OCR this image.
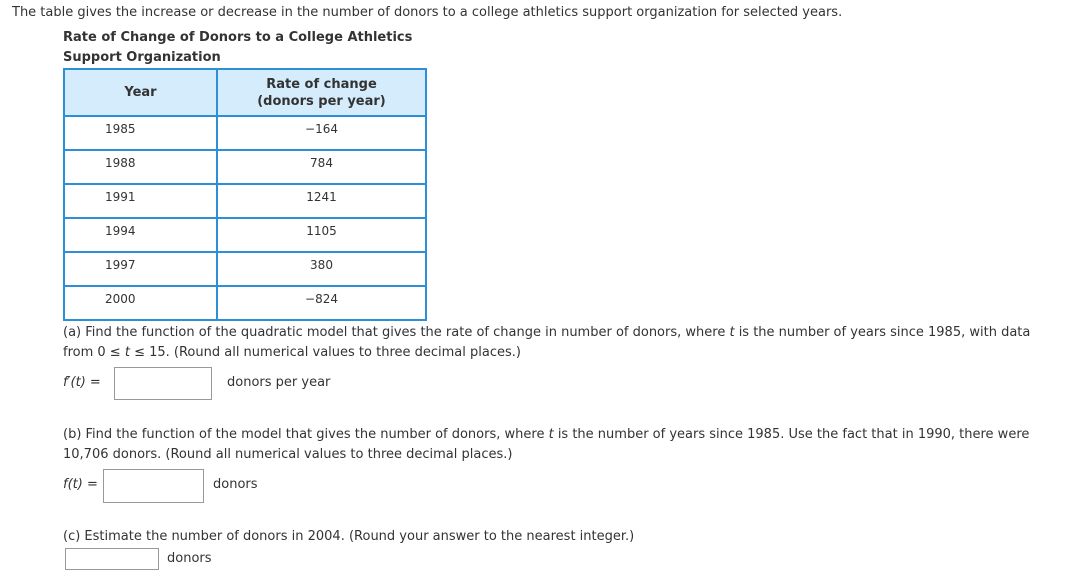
The table gives the increase or decrease in the number of donors to a college athletics support organization for selected years.
Rate of Change of Donors to a College Athletics
Support Organization
Year	Rate of change
(donors per year)
1985	−164
1988	784
1991	1241
1994	1105
1997	380
2000	−824
(a) Find the function of the quadratic model that gives the rate of change in number of donors, where t is the number of years since 1985, with data
from 0 ≤ t ≤ 15. (Round all numerical values to three decimal places.)
f′(t) =	donors per year
(b) Find the function of the model that gives the number of donors, where t is the number of years since 1985. Use the fact that in 1990, there were
10,706 donors. (Round all numerical values to three decimal places.)
f(t) =	donors
(c) Estimate the number of donors in 2004. (Round your answer to the nearest integer.)
donors
